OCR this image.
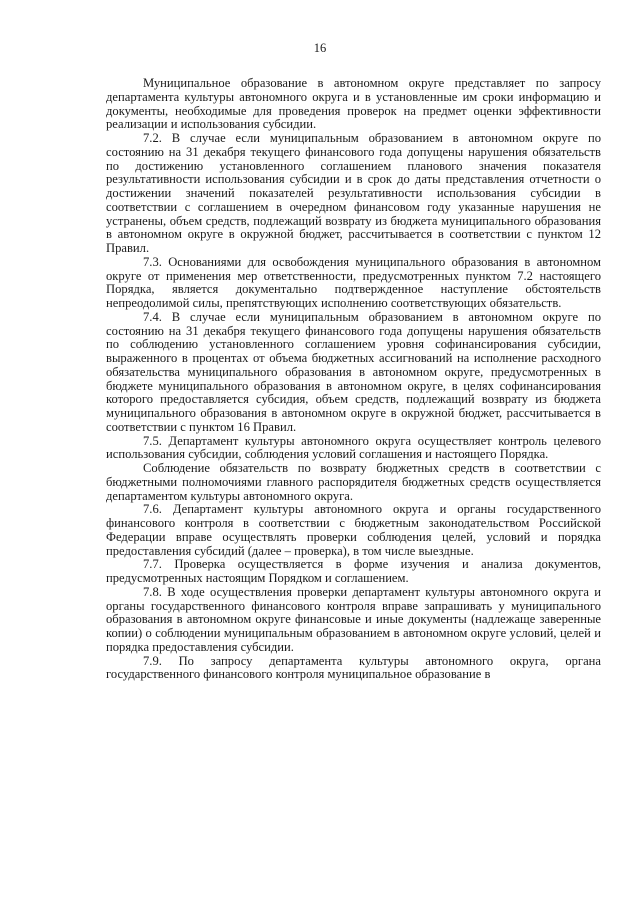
16

Муниципальное образование в автономном округе представляет по запросу департамента культуры автономного округа и в установленные им сроки информацию и документы, необходимые для проведения проверок на предмет оценки эффективности реализации и использования субсидии.

7.2. В случае если муниципальным образованием в автономном округе по состоянию на 31 декабря текущего финансового года допущены нарушения обязательств по достижению установленного соглашением планового значения показателя результативности использования субсидии и в срок до даты представления отчетности о достижении значений показателей результативности использования субсидии в соответствии с соглашением в очередном финансовом году указанные нарушения не устранены, объем средств, подлежащий возврату из бюджета муниципального образования в автономном округе в окружной бюджет, рассчитывается в соответствии с пунктом 12 Правил.

7.3. Основаниями для освобождения муниципального образования в автономном округе от применения мер ответственности, предусмотренных пунктом 7.2 настоящего Порядка, является документально подтвержденное наступление обстоятельств непреодолимой силы, препятствующих исполнению соответствующих обязательств.

7.4. В случае если муниципальным образованием в автономном округе по состоянию на 31 декабря текущего финансового года допущены нарушения обязательств по соблюдению установленного соглашением уровня софинансирования субсидии, выраженного в процентах от объема бюджетных ассигнований на исполнение расходного обязательства муниципального образования в автономном округе, предусмотренных в бюджете муниципального образования в автономном округе, в целях софинансирования которого предоставляется субсидия, объем средств, подлежащий возврату из бюджета муниципального образования в автономном округе в окружной бюджет, рассчитывается в соответствии с пунктом 16 Правил.

7.5. Департамент культуры автономного округа осуществляет контроль целевого использования субсидии, соблюдения условий соглашения и настоящего Порядка.

Соблюдение обязательств по возврату бюджетных средств в соответствии с бюджетными полномочиями главного распорядителя бюджетных средств осуществляется департаментом культуры автономного округа.

7.6. Департамент культуры автономного округа и органы государственного финансового контроля в соответствии с бюджетным законодательством Российской Федерации вправе осуществлять проверки соблюдения целей, условий и порядка предоставления субсидий (далее – проверка), в том числе выездные.

7.7. Проверка осуществляется в форме изучения и анализа документов, предусмотренных настоящим Порядком и соглашением.

7.8. В ходе осуществления проверки департамент культуры автономного округа и органы государственного финансового контроля вправе запрашивать у муниципального образования в автономном округе финансовые и иные документы (надлежаще заверенные копии) о соблюдении муниципальным образованием в автономном округе условий, целей и порядка предоставления субсидии.

7.9. По запросу департамента культуры автономного округа, органа государственного финансового контроля муниципальное образование в
